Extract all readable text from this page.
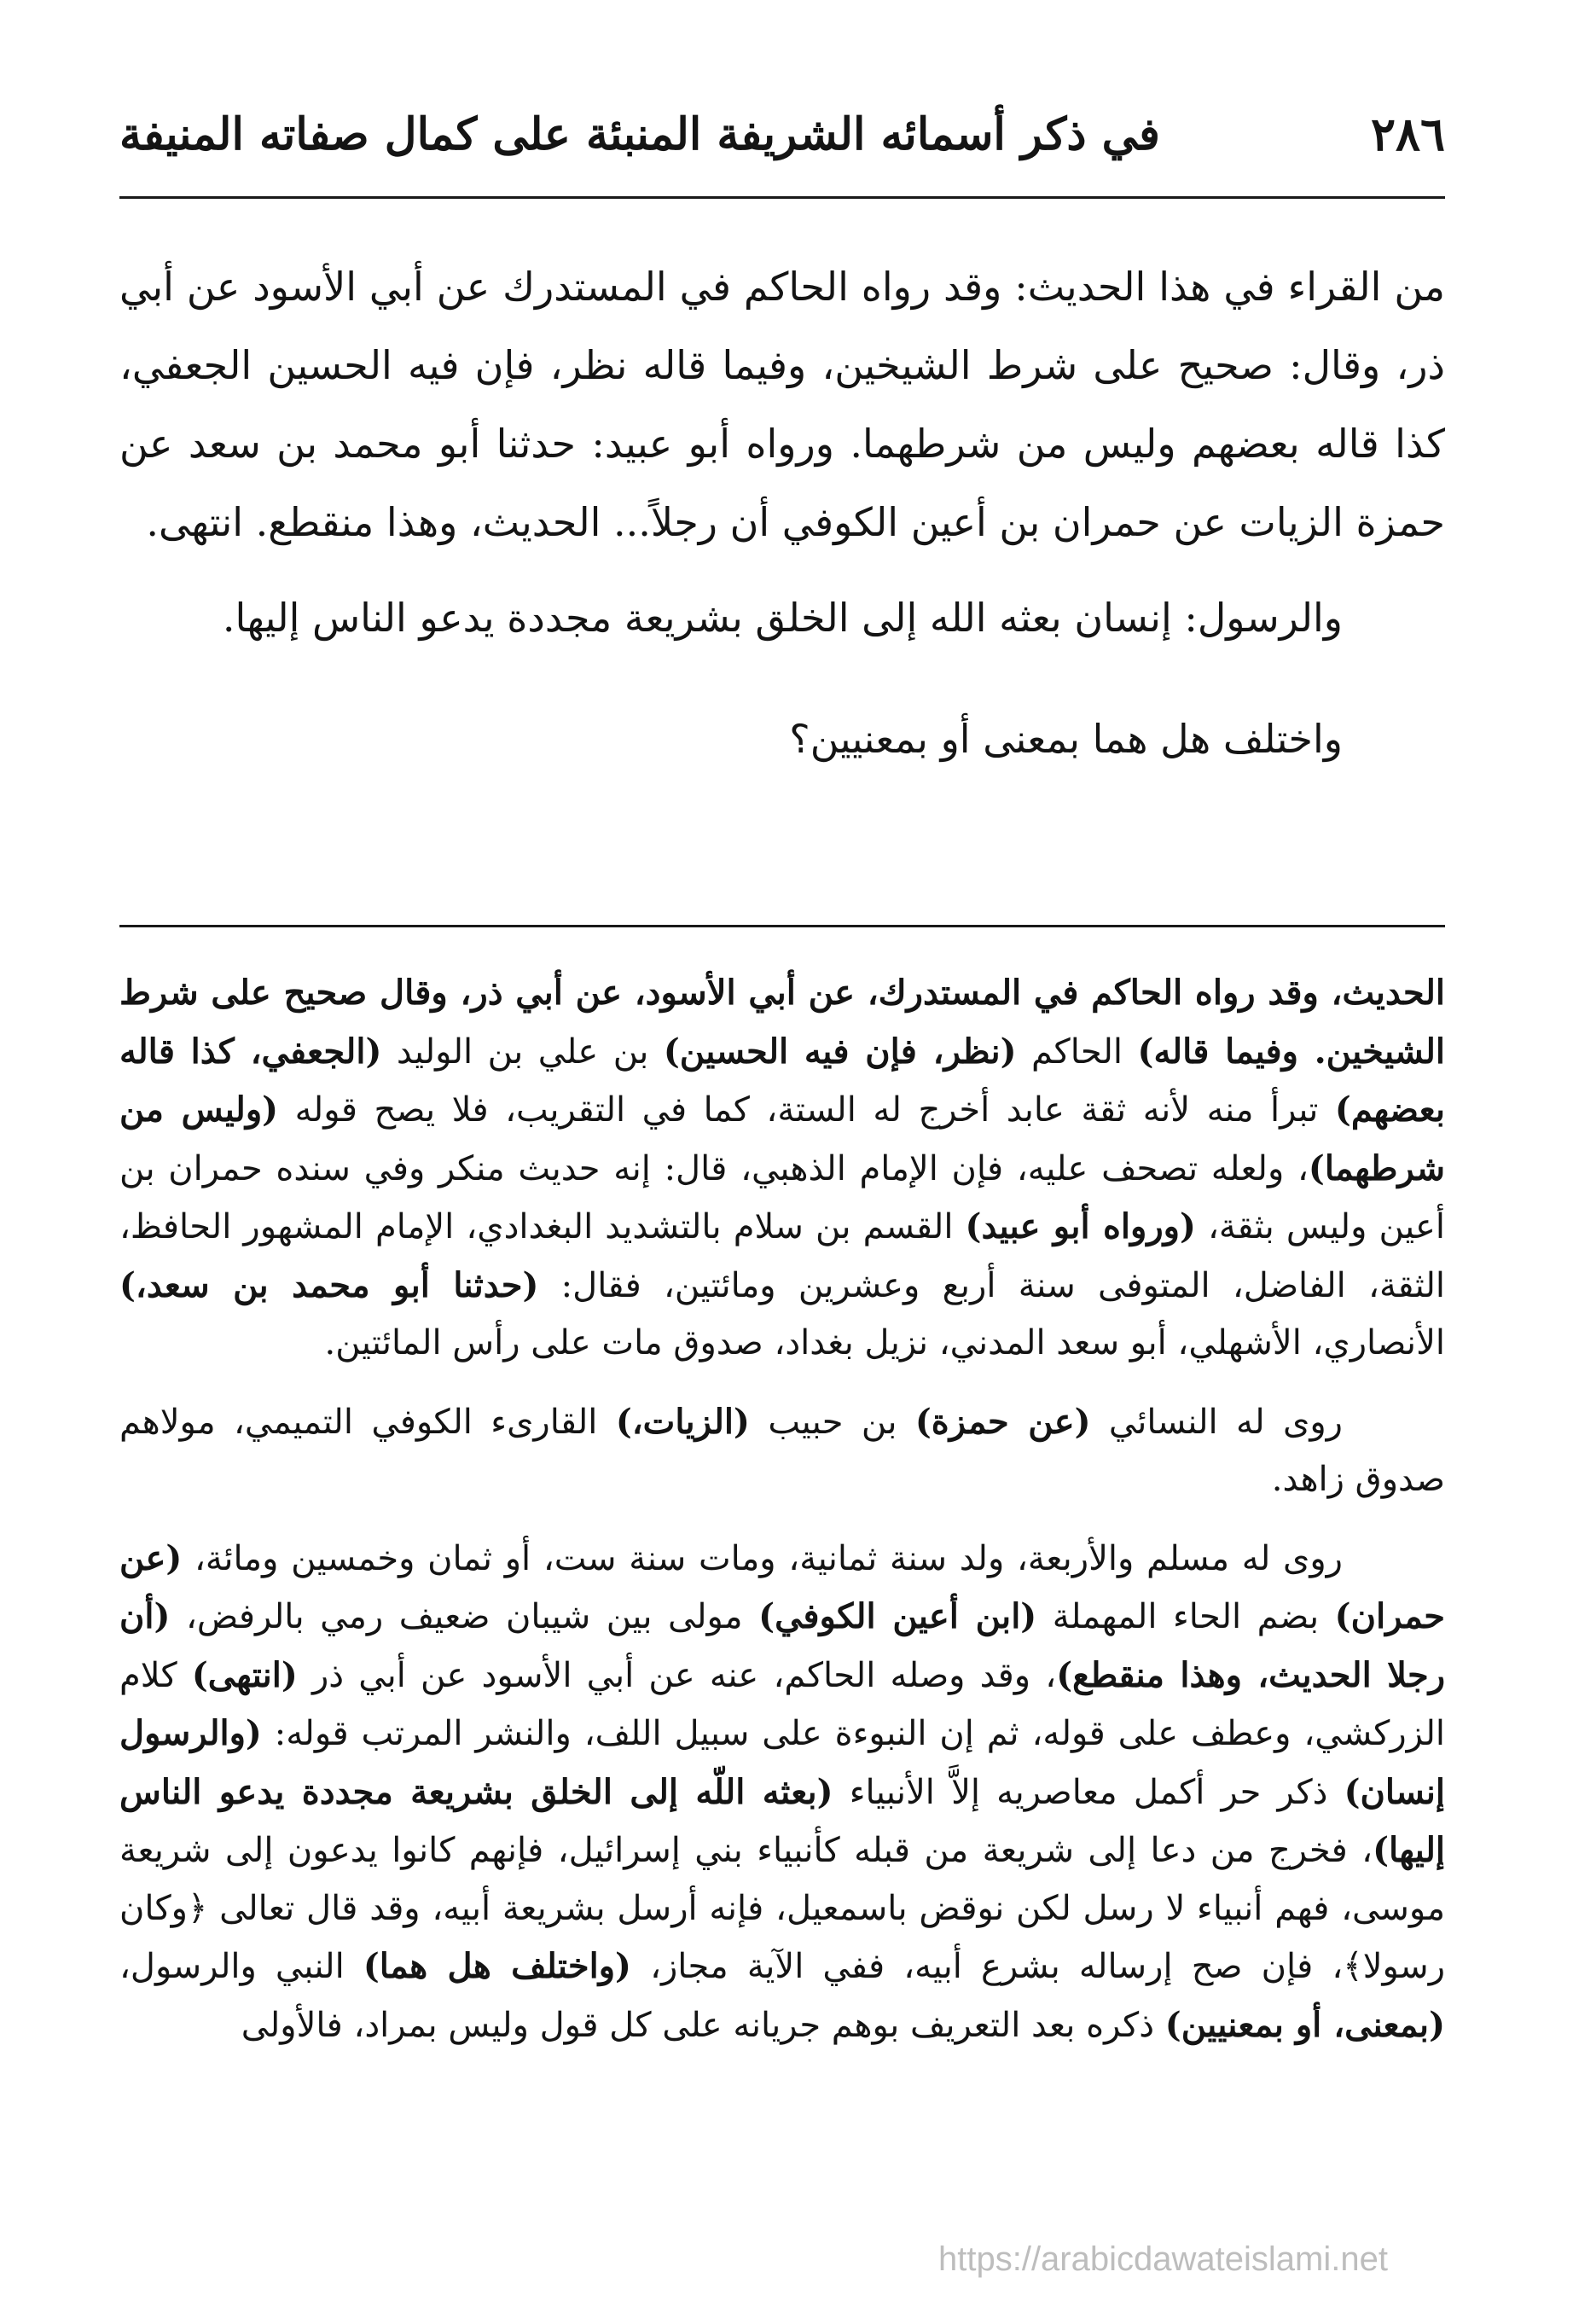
٢٨٦
في ذكر أسمائه الشريفة المنبئة على كمال صفاته المنيفة

من القراء في هذا الحديث: وقد رواه الحاكم في المستدرك عن أبي الأسود عن أبي ذر، وقال: صحيح على شرط الشيخين، وفيما قاله نظر، فإن فيه الحسين الجعفي، كذا قاله بعضهم وليس من شرطهما. ورواه أبو عبيد: حدثنا أبو محمد بن سعد عن حمزة الزيات عن حمران بن أعين الكوفي أن رجلاً... الحديث، وهذا منقطع. انتهى.

والرسول: إنسان بعثه الله إلى الخلق بشريعة مجددة يدعو الناس إليها.

واختلف هل هما بمعنى أو بمعنيين؟

الحديث، وقد رواه الحاكم في المستدرك، عن أبي الأسود، عن أبي ذر، وقال صحيح على شرط الشيخين. وفيما قاله) الحاكم (نظر، فإن فيه الحسين) بن علي بن الوليد (الجعفي، كذا قاله بعضهم) تبرأ منه لأنه ثقة عابد أخرج له الستة، كما في التقريب، فلا يصح قوله (وليس من شرطهما)، ولعله تصحف عليه، فإن الإمام الذهبي، قال: إنه حديث منكر وفي سنده حمران بن أعين وليس بثقة، (ورواه أبو عبيد) القسم بن سلام بالتشديد البغدادي، الإمام المشهور الحافظ، الثقة، الفاضل، المتوفى سنة أربع وعشرين ومائتين، فقال: (حدثنا أبو محمد بن سعد،) الأنصاري، الأشهلي، أبو سعد المدني، نزيل بغداد، صدوق مات على رأس المائتين.

روى له النسائي (عن حمزة) بن حبيب (الزيات،) القارىء الكوفي التميمي، مولاهم صدوق زاهد.

روى له مسلم والأربعة، ولد سنة ثمانية، ومات سنة ست، أو ثمان وخمسين ومائة، (عن حمران) بضم الحاء المهملة (ابن أعين الكوفي) مولى بين شيبان ضعيف رمي بالرفض، (أن رجلا الحديث، وهذا منقطع)، وقد وصله الحاكم، عنه عن أبي الأسود عن أبي ذر (انتهى) كلام الزركشي، وعطف على قوله، ثم إن النبوءة على سبيل اللف، والنشر المرتب قوله: (والرسول إنسان) ذكر حر أكمل معاصريه إلاَّ الأنبياء (بعثه اللّه إلى الخلق بشريعة مجددة يدعو الناس إليها)، فخرج من دعا إلى شريعة من قبله كأنبياء بني إسرائيل، فإنهم كانوا يدعون إلى شريعة موسى، فهم أنبياء لا رسل لكن نوقض باسمعيل، فإنه أرسل بشريعة أبيه، وقد قال تعالى ﴿وكان رسولا﴾، فإن صح إرساله بشرع أبيه، ففي الآية مجاز، (واختلف هل هما) النبي والرسول، (بمعنى، أو بمعنيين) ذكره بعد التعريف بوهم جريانه على كل قول وليس بمراد، فالأولى

https://arabicdawateislami.net
